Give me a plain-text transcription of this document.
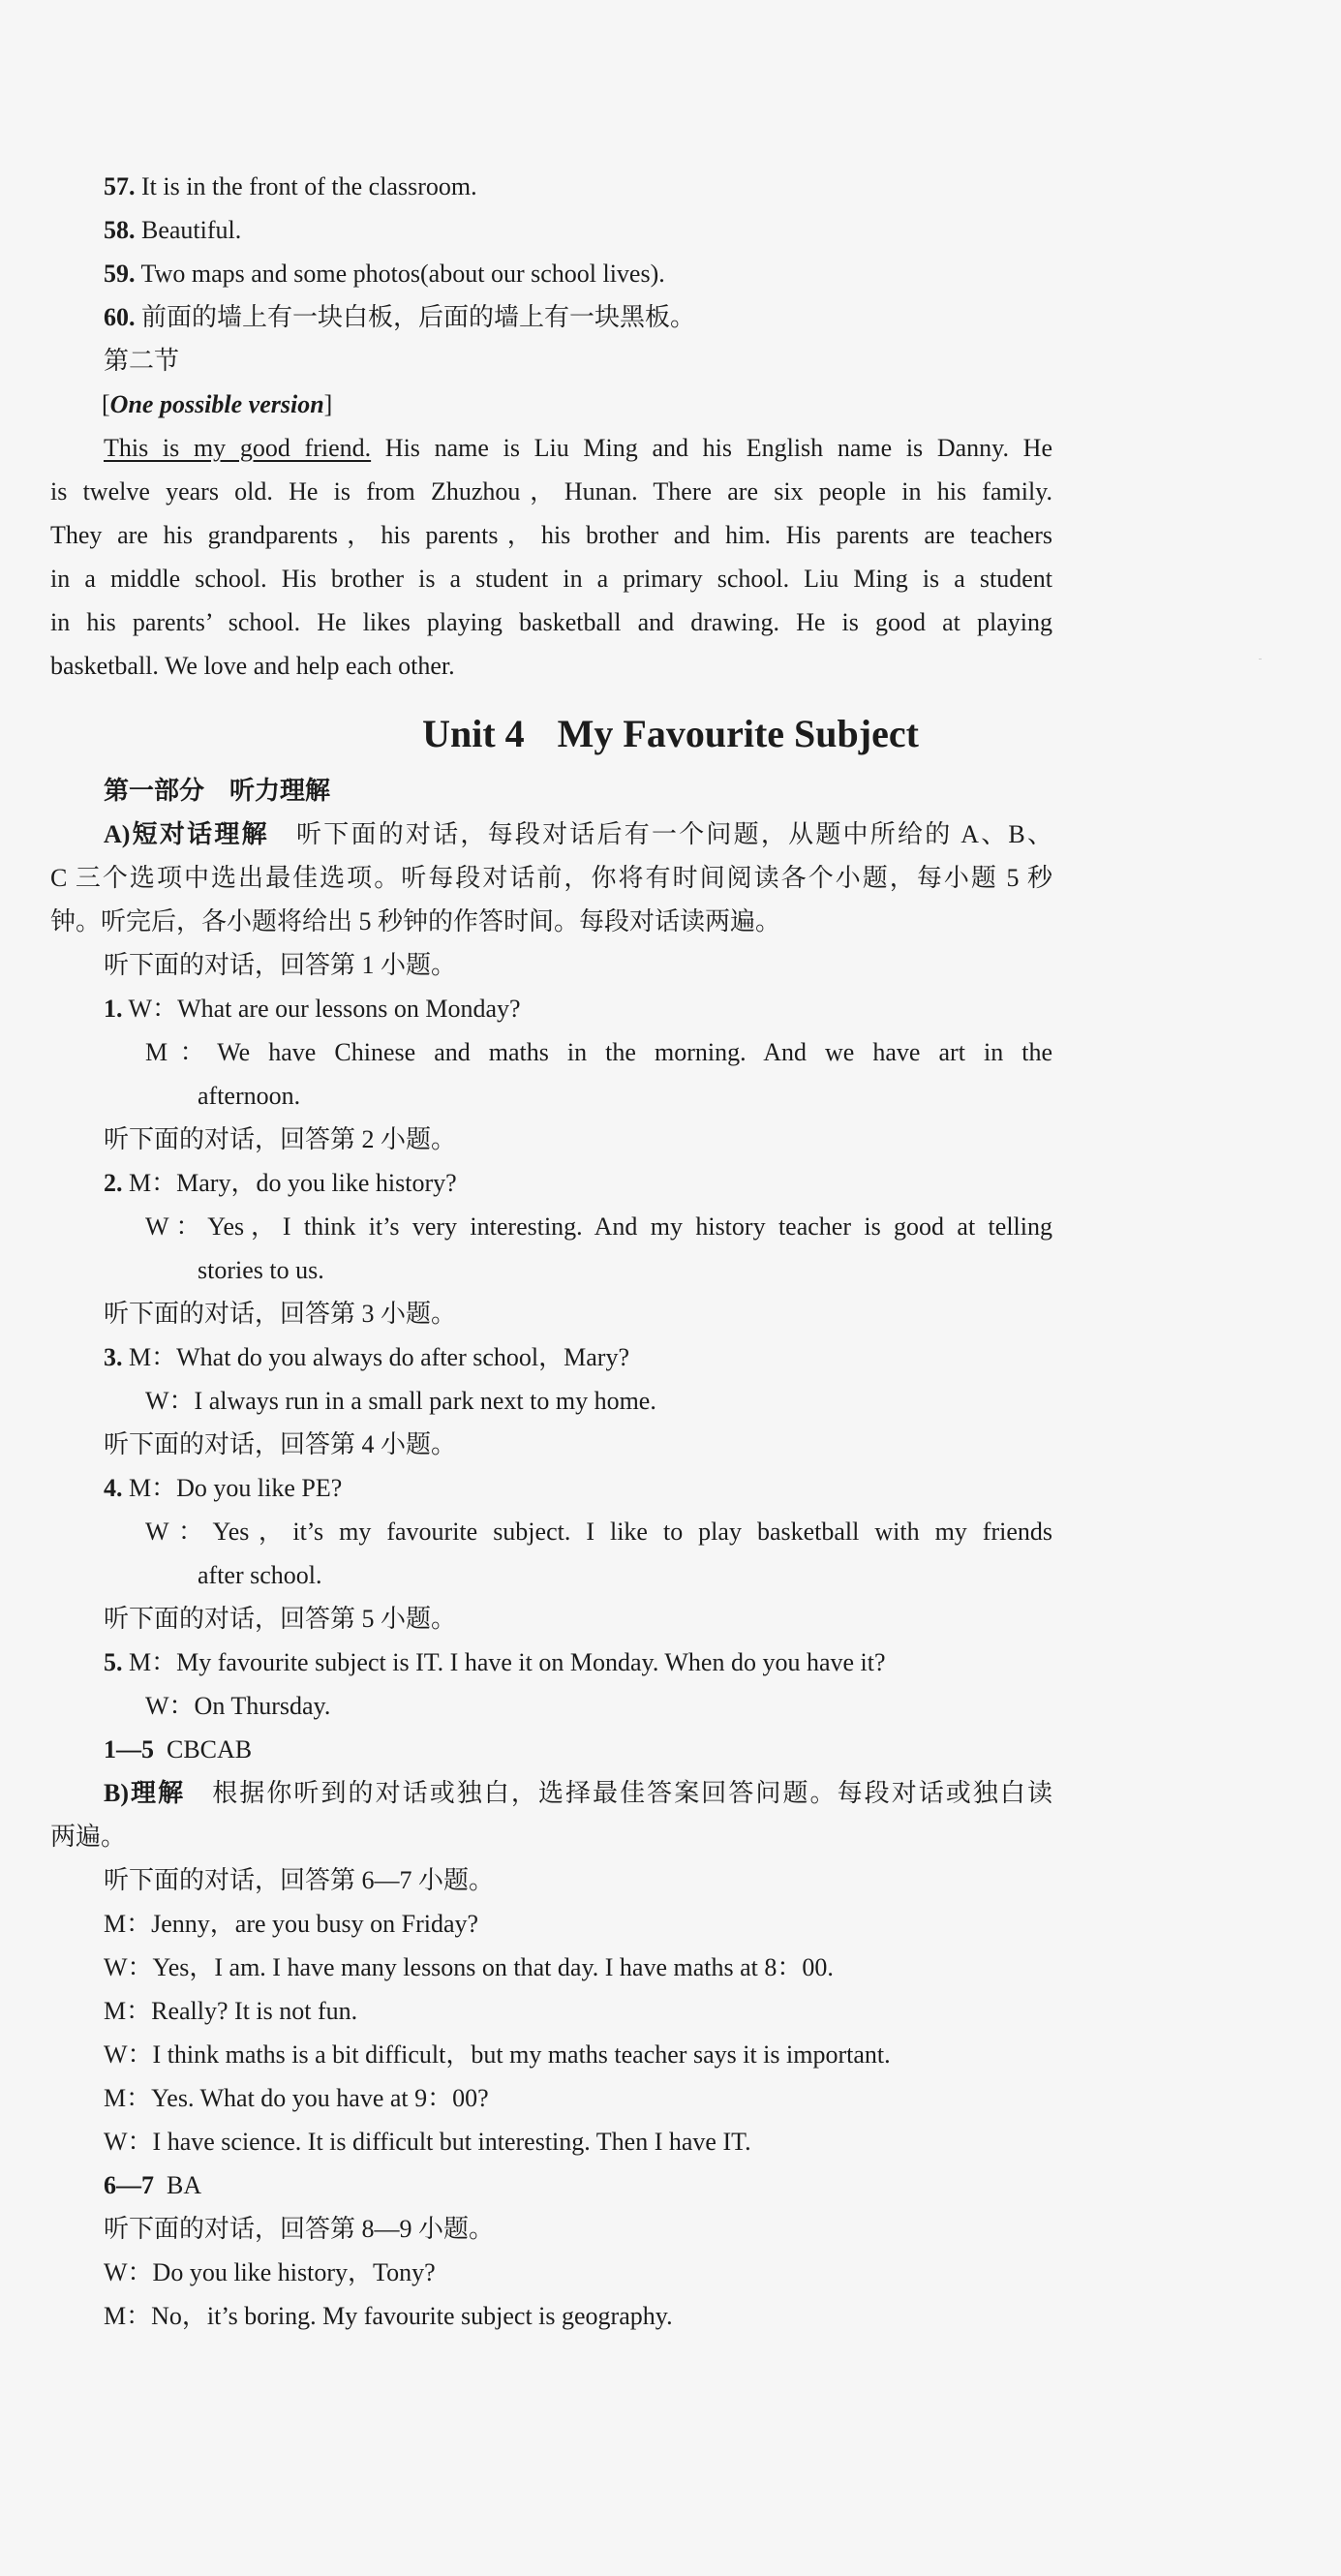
57. It is in the front of the classroom.
58. Beautiful.
59. Two maps and some photos(about our school lives).
60. 前面的墙上有一块白板，后面的墙上有一块黑板。
第二节
[One possible version]
This is my good friend. His name is Liu Ming and his English name is Danny. He
is twelve years old. He is from Zhuzhou，Hunan. There are six people in his family.
They are his grandparents，his parents，his brother and him. His parents are teachers
in a middle school. His brother is a student in a primary school. Liu Ming is a student
in his parents’ school. He likes playing basketball and drawing. He is good at playing
basketball. We love and help each other.
Unit 4 My Favourite Subject
第一部分　听力理解
A)短对话理解　听下面的对话，每段对话后有一个问题，从题中所给的 A、B、
C 三个选项中选出最佳选项。听每段对话前，你将有时间阅读各个小题，每小题 5 秒
钟。听完后，各小题将给出 5 秒钟的作答时间。每段对话读两遍。
听下面的对话，回答第 1 小题。
1. W：What are our lessons on Monday?
M：We have Chinese and maths in the morning. And we have art in the
afternoon.
听下面的对话，回答第 2 小题。
2. M：Mary，do you like history?
W：Yes，I think it’s very interesting. And my history teacher is good at telling
stories to us.
听下面的对话，回答第 3 小题。
3. M：What do you always do after school，Mary?
W：I always run in a small park next to my home.
听下面的对话，回答第 4 小题。
4. M：Do you like PE?
W：Yes，it’s my favourite subject. I like to play basketball with my friends
after school.
听下面的对话，回答第 5 小题。
5. M：My favourite subject is IT. I have it on Monday. When do you have it?
W：On Thursday.
1—5 CBCAB
B)理解　根据你听到的对话或独白，选择最佳答案回答问题。每段对话或独白读
两遍。
听下面的对话，回答第 6—7 小题。
M：Jenny，are you busy on Friday?
W：Yes，I am. I have many lessons on that day. I have maths at 8：00.
M：Really? It is not fun.
W：I think maths is a bit difficult，but my maths teacher says it is important.
M：Yes. What do you have at 9：00?
W：I have science. It is difficult but interesting. Then I have IT.
6—7 BA
听下面的对话，回答第 8—9 小题。
W：Do you like history，Tony?
M：No，it’s boring. My favourite subject is geography.
